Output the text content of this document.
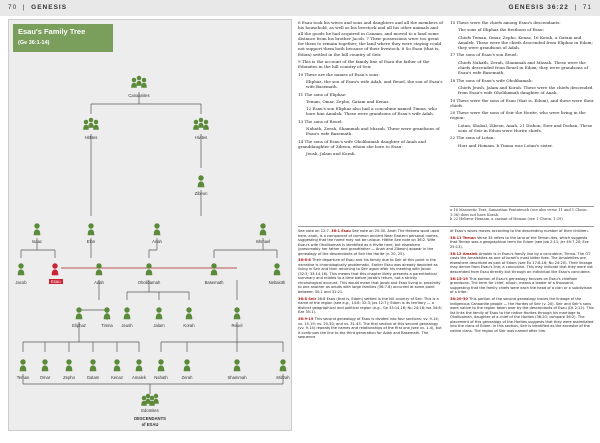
70  |  GENESIS	GENESIS 36:22  |  71
Esau's Family Tree
(Ge 36:1-14)
Canaanites
Hittites	Hivites
Zibeon
Isaac	Elon	Anah	Ishmael
Jacob	Esau	Adah	Oholibamah	Basemath	Nebaioth
Eliphaz	Timna Jeush	Jalam	Korah	Reuel
Teman Omar	Zepho	Gatam	Kenaz Amalek Nahath	Zerah	Shammah	Mizzah
Edomites
DESCENDANTS
of ESAU

6 Esau took his wives and sons and daughters and all the members of his household, as well as his livestock and all his other animals and all the goods he had acquired in Canaan, and moved to a land some distance from his brother Jacob. 7 Their possessions were too great for them to remain together; the land where they were staying could not support them both because of their livestock. 8 So Esau (that is, Edom) settled in the hill country of Seir.

9 This is the account of the family line of Esau the father of the Edomites in the hill country of Seir.

10 These are the names of Esau's sons:

Eliphaz, the son of Esau's wife Adah, and Reuel, the son of Esau's wife Basemath.

11 The sons of Eliphaz:

Teman, Omar, Zepho, Gatam and Kenaz.

12 Esau's son Eliphaz also had a concubine named Timna, who bore him Amalek. These were grandsons of Esau's wife Adah.

13 The sons of Reuel:

Nahath, Zerah, Shammah and Mizzah. These were grandsons of Esau's wife Basemath.

14 The sons of Esau's wife Oholibamah daughter of Anah and granddaughter of Zibeon, whom she bore to Esau:

Jeush, Jalam and Korah.

15 These were the chiefs among Esau's descendants:

The sons of Eliphaz the firstborn of Esau:

Chiefs Teman, Omar, Zepho, Kenaz, 16 Korah, a Gatam and Amalek. These were the chiefs descended from Eliphaz in Edom; they were grandsons of Adah.

17 The sons of Esau's son Reuel:

Chiefs Nahath, Zerah, Shammah and Mizzah. These were the chiefs descended from Reuel in Edom; they were grandsons of Esau's wife Basemath.

18 The sons of Esau's wife Oholibamah:

Chiefs Jeush, Jalam and Korah. These were the chiefs descended from Esau's wife Oholibamah daughter of Anah.

19 These were the sons of Esau (that is, Edom), and these were their chiefs.

20 These were the sons of Seir the Horite, who were living in the region:

Lotan, Shobal, Zibeon, Anah, 21 Dishon, Ezer and Dishan. These sons of Seir in Edom were Horite chiefs.

22 The sons of Lotan:

Hori and Homam. b Timna was Lotan's sister.

a 16 Masoretic Text; Samaritan Pentateuch (see also verse 11 and 1 Chron. 1:36) does not have Korah.
b 22 Hebrew Hemam, a variant of Heman (see 1 Chron. 1:39)

See note on 12:7. 36:1 Esau See note on 25:30. Anah The Hebrew word used here, anah, is a component of common ancient Near Eastern personal names, suggesting that the name may not be unique. Hittite See note on 36:2. Wife Esau's wife Oholibamah is identified as a Hivite here, but elsewhere (presumably her father and grandfather — Anah and Zibeon) appear in the genealogy of the descendants of Seir the Horite (v. 20, 25).

36:6-8 Their departure of Esau and his family due to Seir at this point in the narrative is chronologically problematic. Earlier Esau was already depicted as living in Seir and then returning to Seir again after his meeting with Jacob (32:3; 33:14,16). This means that this chapter likely presents a parenthetical summary and relates to a time before Jacob's return, not a strictly chronological account. This would mean that Jacob and Esau living in proximity to one another as adults with large families (36:7-8) occurred at some point between 30:1 and 31:21.

36:8 Seir 36:8 Esau (that is, Edom) settled in the hill country of Seir. This is a name of the region (see e.g., 14:6; 32:3; Jos 12:7); Edom is its territory — a distinct geographical and political region (e.g., Ge 33:14,16; Nu 24:18; Isa 34:6; Eze 35:1).

36:9-19 This second genealogy of Esau is divided into four sections: vv. 9-14; vv. 15-19; vv. 20-30; and vv. 31-43. The first section of this second genealogy (vv. 9-14) repeats the names and relationships of the first one (see vv. 1-4), but it continues the line to the third generation for Adah and Basemath. The sequence

of Esau's wives moves according to the descending number of their children.

36:11 Teman Verse 34 refers to the land of the Teman-ites, which suggests that Teman was a geographical term for Edom (see Job 2:11; Jer 49:7,20; Eze 25:13).

36:12 Amalek Amalek is in Esau's family line by a concubine, Timna. The OT casts the Amalekites as one of Israel's most bitter foes. The Amalekites are elsewhere described as part of Edom (see Ex 17:8-16; Nu 24:20). Their lineage may derive from Esau's line; a concubine. This may indicate that they were not descended from Esau directly but through an individual like Esau's concubine.

36:15-19 This portion of Esau's genealogy focuses on Esau's chieftain grandsons. The term for chief, alluph, means a leader of a thousand, suggesting that the family chiefs were each the head of a clan or a subdivision of a tribe.

36:20-30 This portion of the second genealogy traces the lineage of the indigenous Canaanite people — the Horites of Seir (v. 20). Seir and Seir's sons were native to the region taken over by the descendants of Esau (Dt 2:12). This list links the family of Esau to the native Horites through his marriage to Oholibamah, daughter of a chief of the Horites (36:20; compare 36:2). The placement of this genealogy of the Horites suggests that they were assimilated into the clans of Edom. In this section, Seir is identified as the ancestor of the native clans. The region of Seir was named after him.
